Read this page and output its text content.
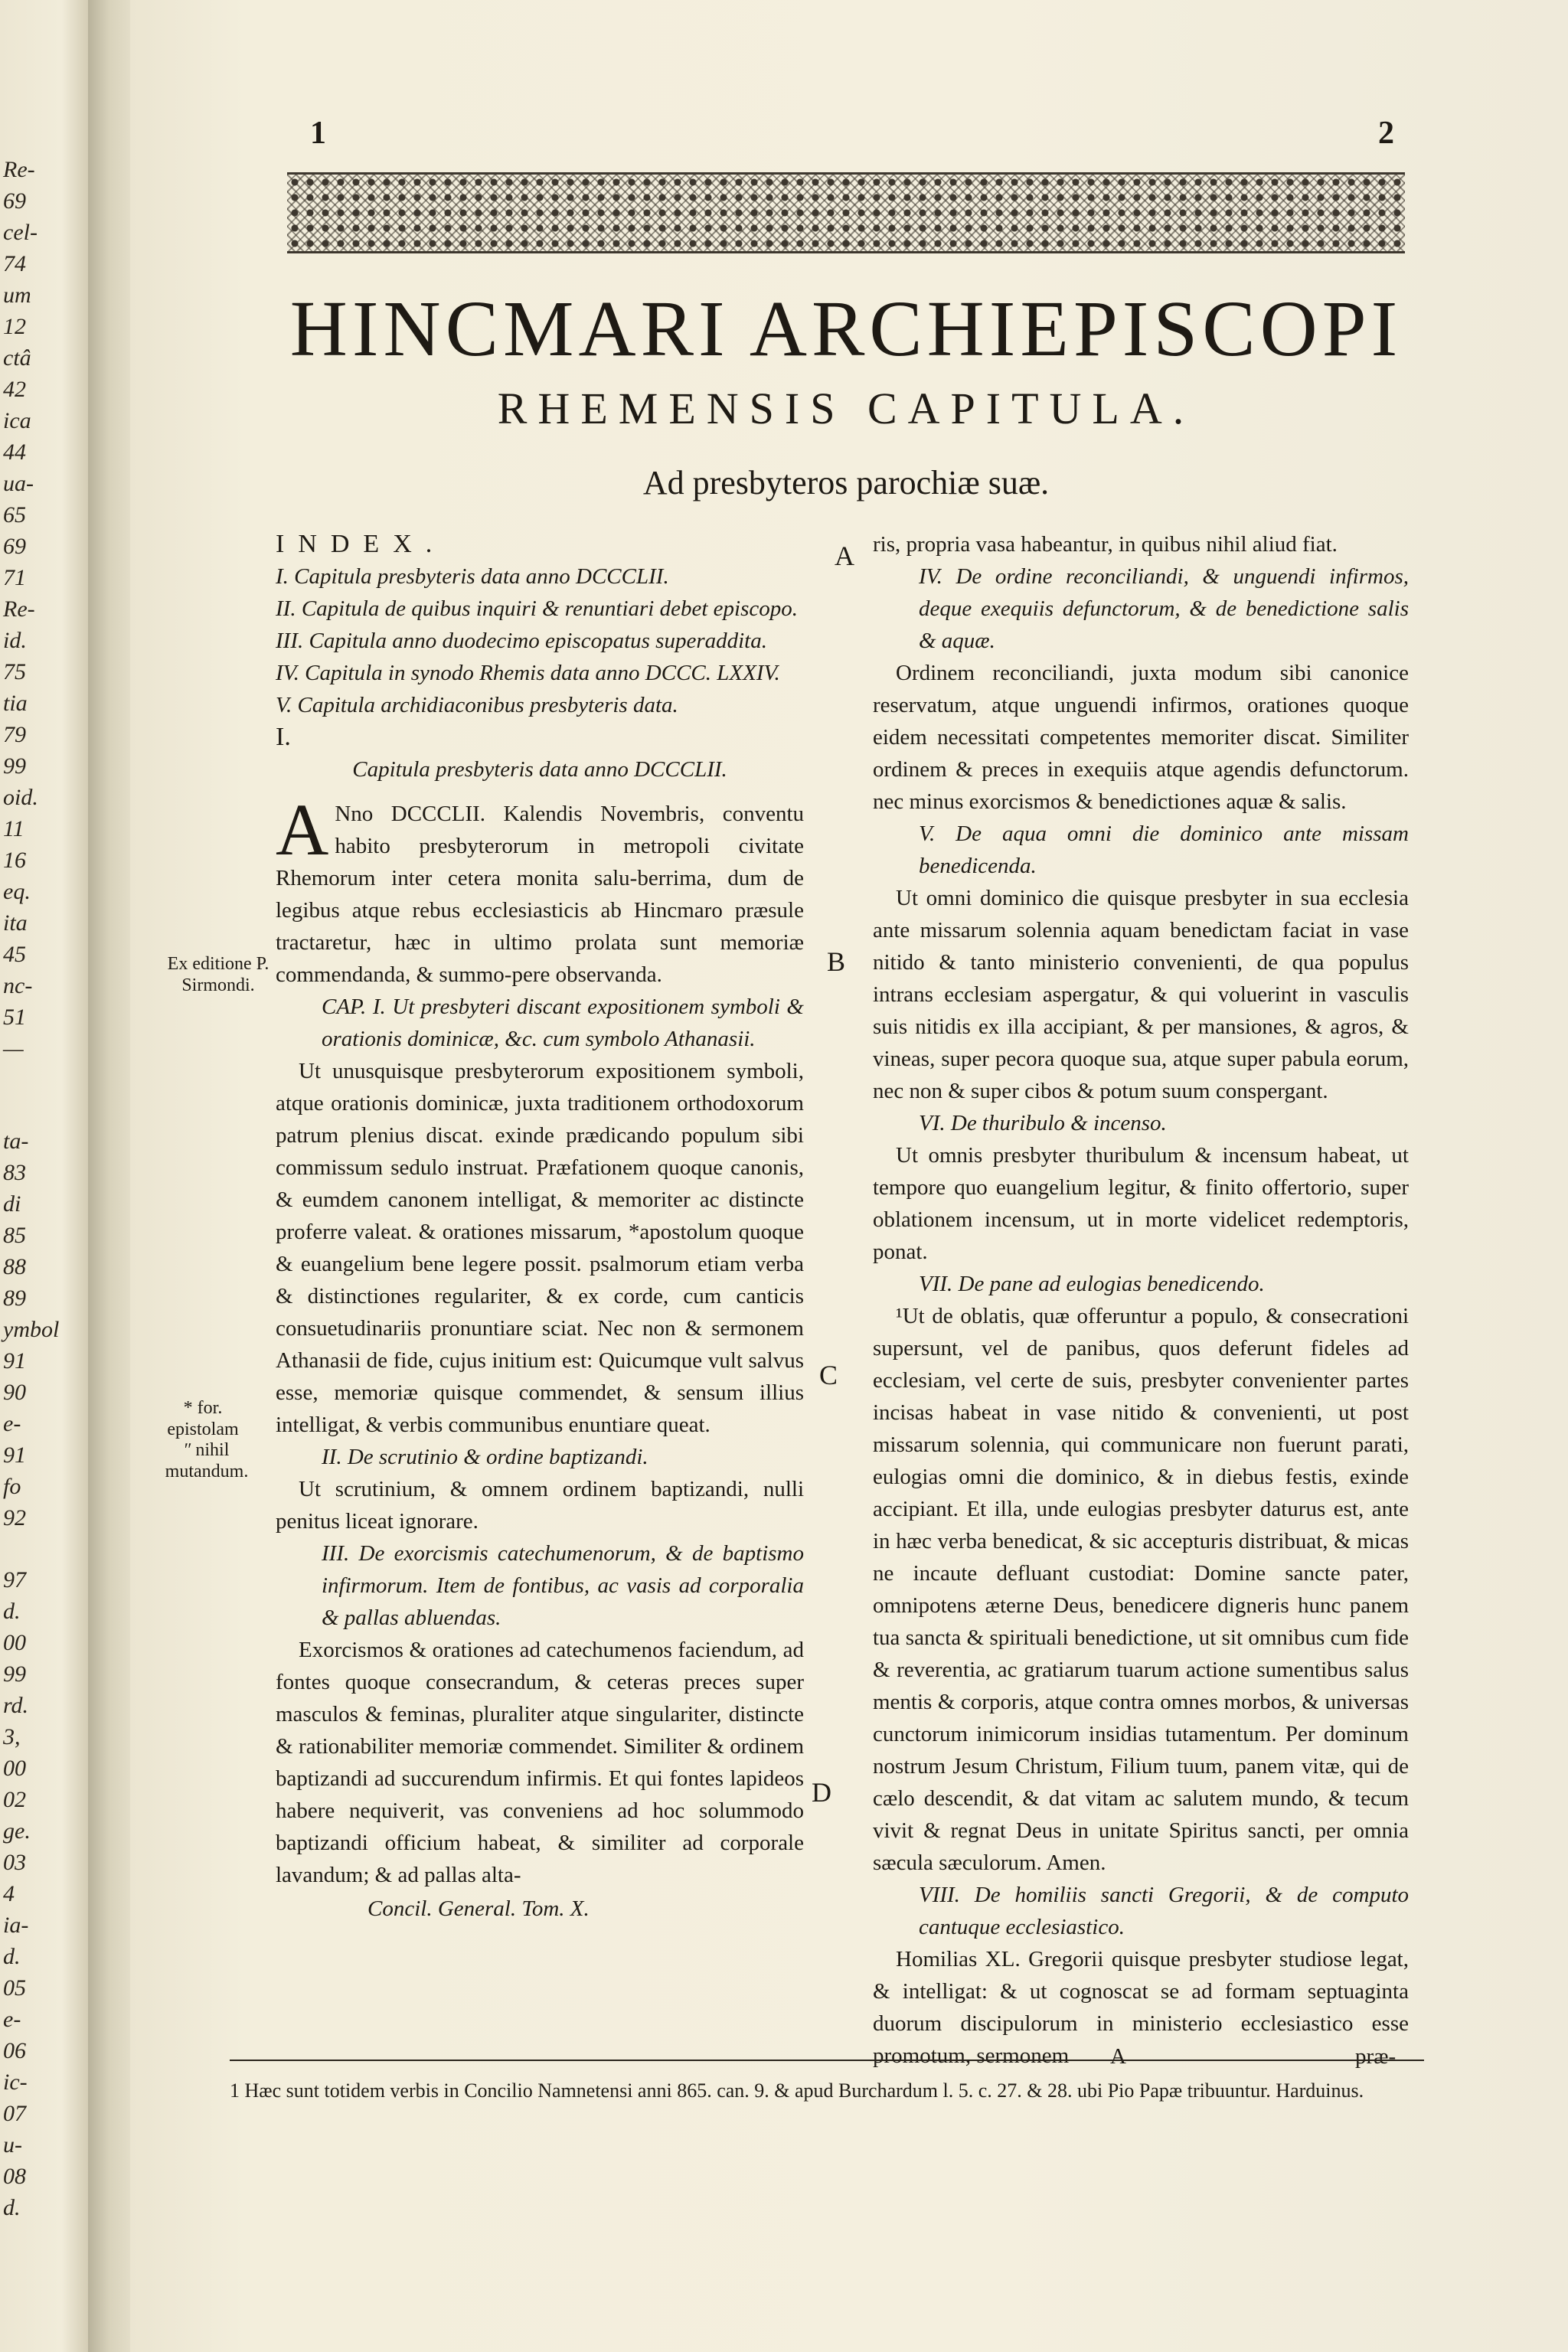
Re-
69
cel-
74
um
12
ctâ
42
ica
44
ua-
65
69
71
Re-
id.
75
tia
79
99
oid.
11
16
eq.
ita
45
nc-
51
—
ta-
83
di
85
88
89
ymbol
91
90
e-
91
fo
92
97
d.
00
99
rd.
3,
00
02
ge.
03
4
ia-
d.
05
e-
06
ic-
07
u-
08
d.
1	2
HINCMARI ARCHIEPISCOPI
RHEMENSIS CAPITULA.
Ad presbyteros parochiæ suæ.
Ex editione P. Sirmondi.
* for. epistolam
ʺ nihil mutandum.
A
B
C
D

INDEX.

I. Capitula presbyteris data anno DCCCLII.

II. Capitula de quibus inquiri & renuntiari debet episcopo.

III. Capitula anno duodecimo episcopatus superaddita.

IV. Capitula in synodo Rhemis data anno DCCC. LXXIV.

V. Capitula archidiaconibus presbyteris data.

I.

Capitula presbyteris data anno DCCCLII.

A Nno DCCCLII. Kalendis Novembris, conventu habito presbyterorum in metropoli civitate Rhemorum inter cetera monita salu-berrima, dum de legibus atque rebus ecclesiasticis ab Hincmaro præsule tractaretur, hæc in ultimo prolata sunt memoriæ commendanda, & summo-pere observanda.

CAP. I. Ut presbyteri discant expositionem symboli & orationis dominicæ, &c. cum symbolo Athanasii.

Ut unusquisque presbyterorum expositionem symboli, atque orationis dominicæ, juxta traditionem orthodoxorum patrum plenius discat. exinde prædicando populum sibi commissum sedulo instruat. Præfationem quoque canonis, & eumdem canonem intelligat, & memoriter ac distincte proferre valeat. & orationes missarum, *apostolum quoque & euangelium bene legere possit. psalmorum etiam verba & distinctiones regulariter, & ex corde, cum canticis consuetudinariis pronuntiare sciat. Nec non & sermonem Athanasii de fide, cujus initium est: Quicumque vult salvus esse, memoriæ quisque commendet, & sensum illius intelligat, & verbis communibus enuntiare queat.

II. De scrutinio & ordine baptizandi.

Ut scrutinium, & omnem ordinem baptizandi, nulli penitus liceat ignorare.

III. De exorcismis catechumenorum, & de baptismo infirmorum. Item de fontibus, ac vasis ad corporalia & pallas abluendas.

Exorcismos & orationes ad catechumenos faciendum, ad fontes quoque consecrandum, & ceteras preces super masculos & feminas, pluraliter atque singulariter, distincte & rationabiliter memoriæ commendet. Similiter & ordinem baptizandi ad succurendum infirmis. Et qui fontes lapideos habere nequiverit, vas conveniens ad hoc solummodo baptizandi officium habeat, & similiter ad corporale lavandum; & ad pallas alta-

Concil. General. Tom. X.

ris, propria vasa habeantur, in quibus nihil aliud fiat.

IV. De ordine reconciliandi, & unguendi infirmos, deque exequiis defunctorum, & de benedictione salis & aquæ.

Ordinem reconciliandi, juxta modum sibi canonice reservatum, atque unguendi infirmos, orationes quoque eidem necessitati competentes memoriter discat. Similiter ordinem & preces in exequiis atque agendis defunctorum. nec minus exorcismos & benedictiones aquæ & salis.

V. De aqua omni die dominico ante missam benedicenda.

Ut omni dominico die quisque presbyter in sua ecclesia ante missarum solennia aquam benedictam faciat in vase nitido & tanto ministerio convenienti, de qua populus intrans ecclesiam aspergatur, & qui voluerint in vasculis suis nitidis ex illa accipiant, & per mansiones, & agros, & vineas, super pecora quoque sua, atque super pabula eorum, nec non & super cibos & potum suum conspergant.

VI. De thuribulo & incenso.

Ut omnis presbyter thuribulum & incensum habeat, ut tempore quo euangelium legitur, & finito offertorio, super oblationem incensum, ut in morte videlicet redemptoris, ponat.

VII. De pane ad eulogias benedicendo.

¹Ut de oblatis, quæ offeruntur a populo, & consecrationi supersunt, vel de panibus, quos deferunt fideles ad ecclesiam, vel certe de suis, presbyter convenienter partes incisas habeat in vase nitido & convenienti, ut post missarum solennia, qui communicare non fuerunt parati, eulogias omni die dominico, & in diebus festis, exinde accipiant. Et illa, unde eulogias presbyter daturus est, ante in hæc verba benedicat, & sic accepturis distribuat, & micas ne incaute defluant custodiat: Domine sancte pater, omnipotens æterne Deus, benedicere digneris hunc panem tua sancta & spirituali benedictione, ut sit omnibus cum fide & reverentia, ac gratiarum tuarum actione sumentibus salus mentis & corporis, atque contra omnes morbos, & universas cunctorum inimicorum insidias tutamentum. Per dominum nostrum Jesum Christum, Filium tuum, panem vitæ, qui de cælo descendit, & dat vitam ac salutem mundo, & tecum vivit & regnat Deus in unitate Spiritus sancti, per omnia sæcula sæculorum. Amen.

VIII. De homiliis sancti Gregorii, & de computo cantuque ecclesiastico.

Homilias XL. Gregorii quisque presbyter studiose legat, & intelligat: & ut cognoscat se ad formam septuaginta duorum discipulorum in ministerio ecclesiastico esse promotum, sermonem	A	præ-
1 Hæc sunt totidem verbis in Concilio Namnetensi anni 865. can. 9. & apud Burchardum l. 5. c. 27. & 28. ubi Pio Papæ tribuuntur. Harduinus.
